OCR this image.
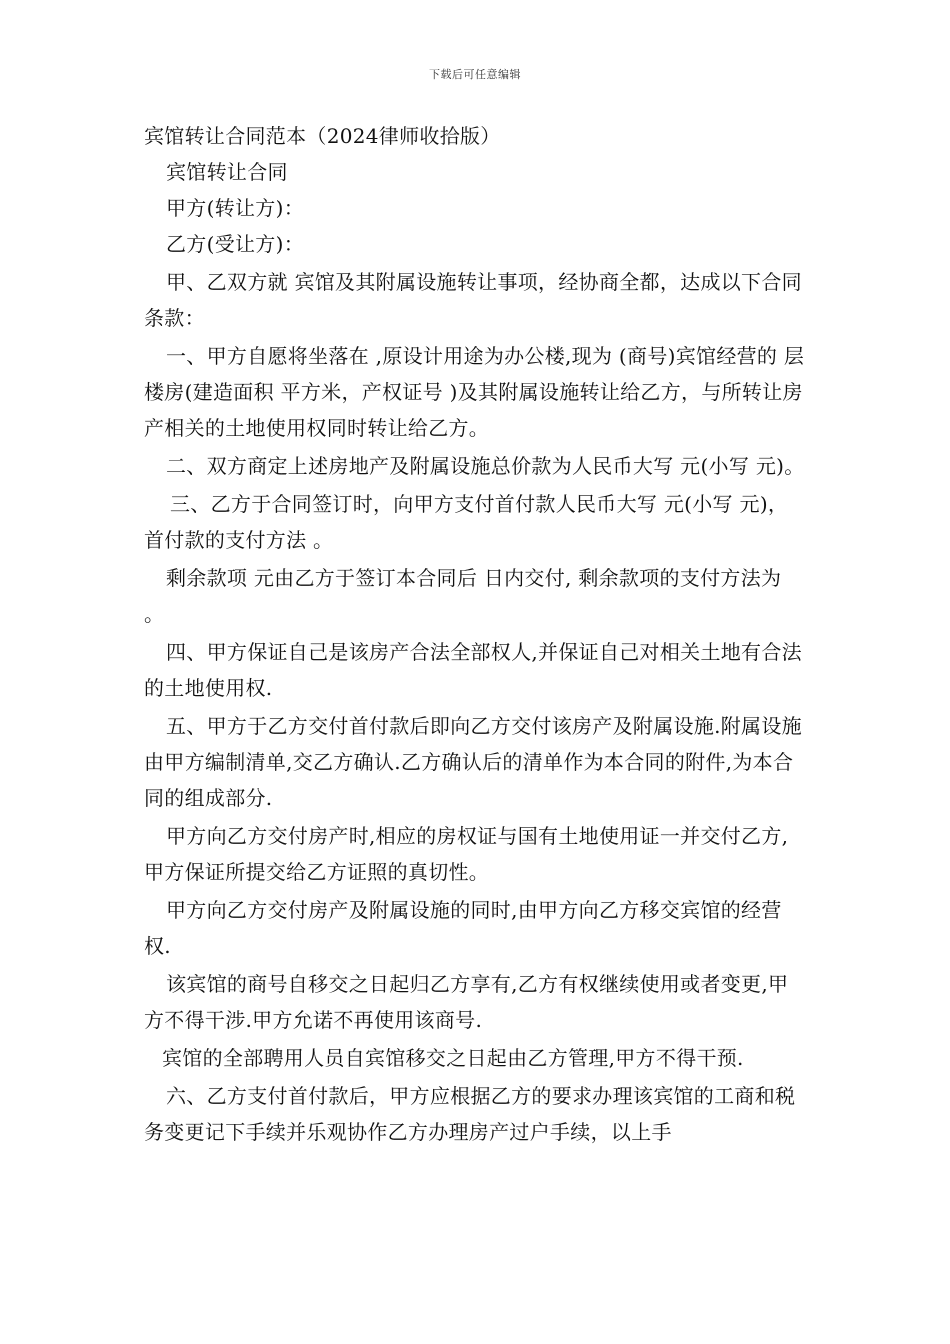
下载后可任意编辑

宾馆转让合同范本（2024律师收拾版）

宾馆转让合同

甲方(转让方)：

乙方(受让方)：

甲、乙双方就 宾馆及其附属设施转让事项，经协商全都，达成以下合同条款：

一、甲方自愿将坐落在 ,原设计用途为办公楼,现为 (商号)宾馆经营的 层楼房(建造面积 平方米，产权证号 )及其附属设施转让给乙方，与所转让房产相关的土地使用权同时转让给乙方。

二、双方商定上述房地产及附属设施总价款为人民币大写 元(小写 元)。

三、乙方于合同签订时，向甲方支付首付款人民币大写 元(小写 元)，首付款的支付方法 。

剩余款项 元由乙方于签订本合同后 日内交付, 剩余款项的支付方法为 。

四、甲方保证自己是该房产合法全部权人,并保证自己对相关土地有合法的土地使用权.

五、甲方于乙方交付首付款后即向乙方交付该房产及附属设施.附属设施由甲方编制清单,交乙方确认.乙方确认后的清单作为本合同的附件,为本合同的组成部分.

甲方向乙方交付房产时,相应的房权证与国有土地使用证一并交付乙方,甲方保证所提交给乙方证照的真切性。

甲方向乙方交付房产及附属设施的同时,由甲方向乙方移交宾馆的经营权.

该宾馆的商号自移交之日起归乙方享有,乙方有权继续使用或者变更,甲方不得干涉.甲方允诺不再使用该商号.

宾馆的全部聘用人员自宾馆移交之日起由乙方管理,甲方不得干预.

六、乙方支付首付款后，甲方应根据乙方的要求办理该宾馆的工商和税务变更记下手续并乐观协作乙方办理房产过户手续，以上手
